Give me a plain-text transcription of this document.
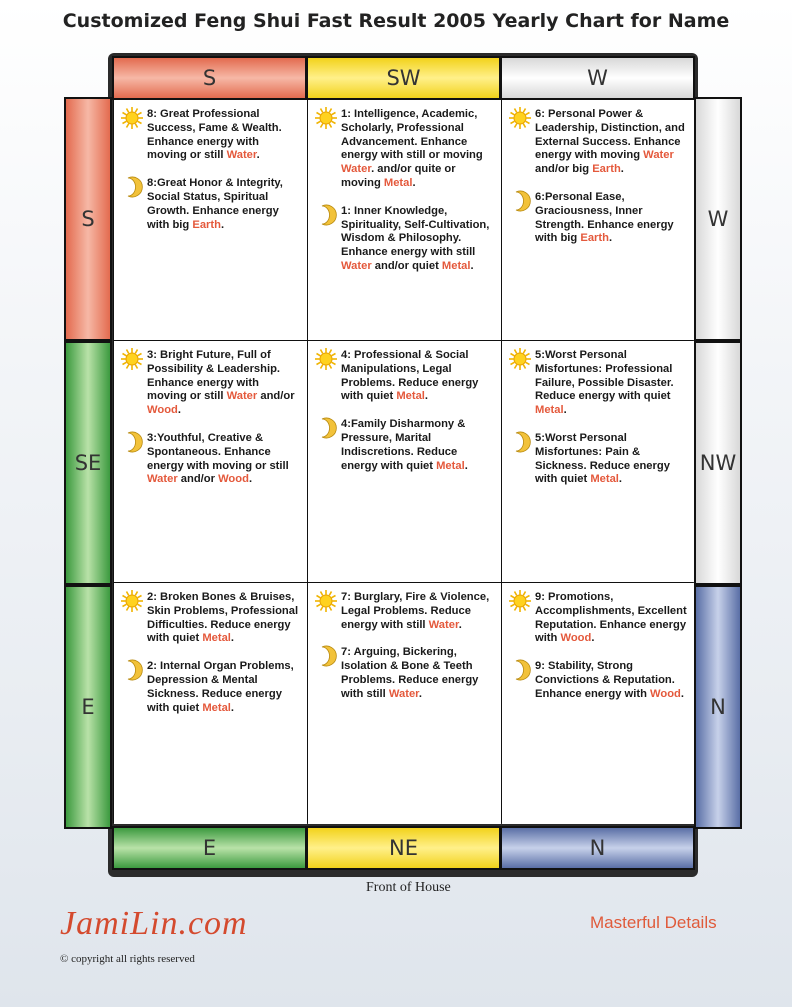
Customized Feng Shui Fast Result 2005 Yearly Chart for Name
S	SW	W
E	NE	N
S
SE
E
W
NW
N
8: Great Professional Success, Fame & Wealth. Enhance energy with moving or still Water.
8:Great Honor & Integrity, Social Status, Spiritual Growth. Enhance energy with big Earth.
1: Intelligence, Academic, Scholarly, Professional Advancement. Enhance energy with still or moving Water. and/or quite or moving Metal.
1: Inner Knowledge, Spirituality, Self-Cultivation, Wisdom & Philosophy. Enhance energy with still Water and/or quiet Metal.
6: Personal Power & Leadership, Distinction, and External Success. Enhance energy with moving Water and/or big Earth.
6:Personal Ease, Graciousness, Inner Strength. Enhance energy with big Earth.
3: Bright Future, Full of Possibility & Leadership. Enhance energy with moving or still Water and/or Wood.
3:Youthful, Creative & Spontaneous. Enhance energy with moving or still Water and/or Wood.
4: Professional & Social Manipulations, Legal Problems. Reduce energy with quiet Metal.
4:Family Disharmony & Pressure, Marital Indiscretions. Reduce energy with quiet Metal.
5:Worst Personal Misfortunes: Professional Failure, Possible Disaster. Reduce energy with quiet Metal.
5:Worst Personal Misfortunes: Pain & Sickness. Reduce energy with quiet Metal.
2: Broken Bones & Bruises, Skin Problems, Professional Difficulties. Reduce energy with quiet Metal.
2: Internal Organ Problems, Depression & Mental Sickness. Reduce energy with quiet Metal.
7: Burglary, Fire & Violence, Legal Problems. Reduce energy with still Water.
7: Arguing, Bickering, Isolation & Bone & Teeth Problems. Reduce energy with still Water.
9: Promotions, Accomplishments, Excellent Reputation. Enhance energy with Wood.
9: Stability, Strong Convictions & Reputation. Enhance energy with Wood.
Front of House
JamiLin.com
© copyright all rights reserved
Masterful Details
